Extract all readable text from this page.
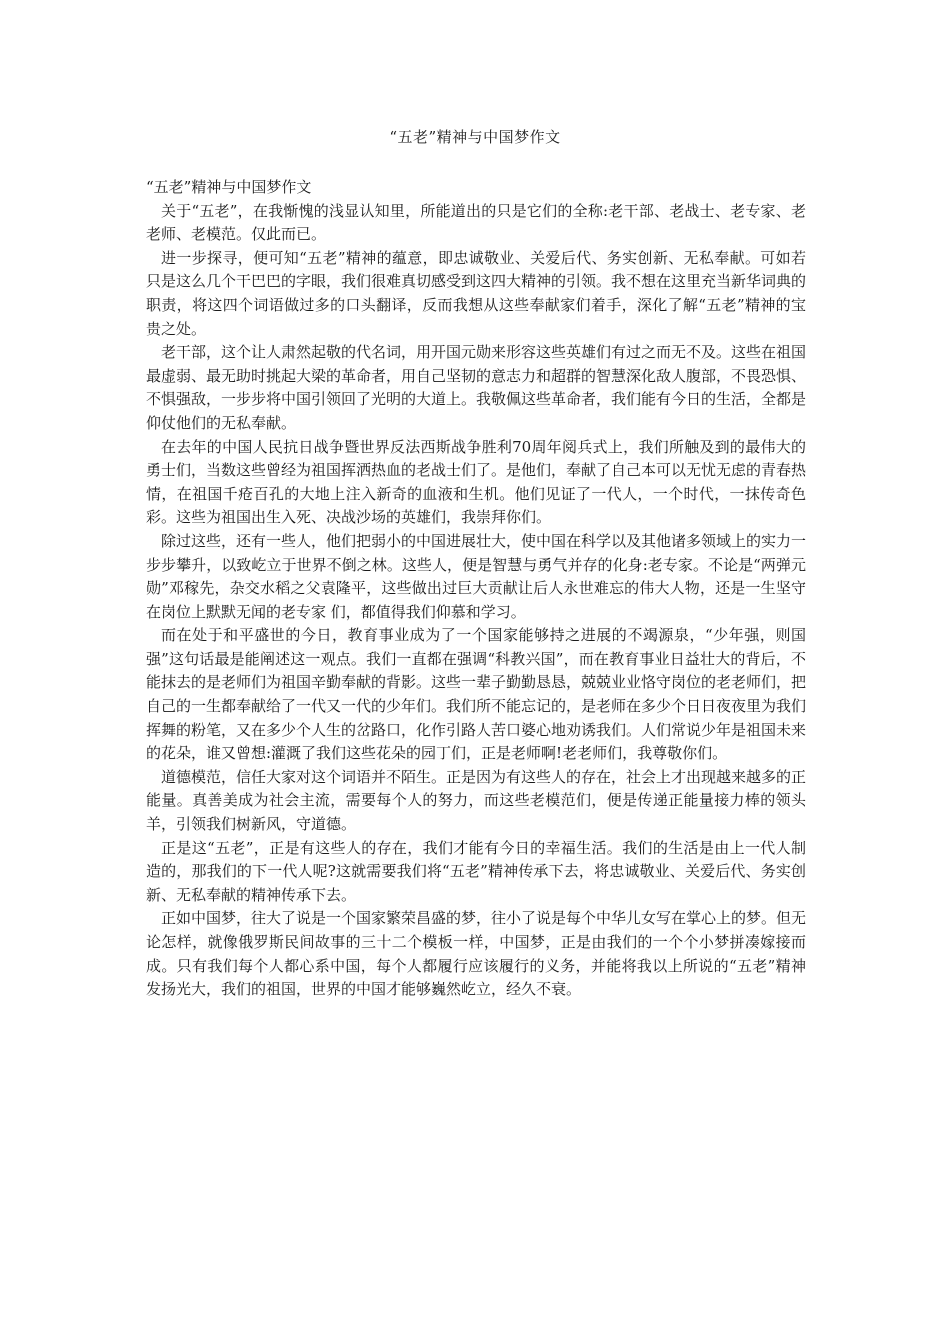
“五老”精神与中国梦作文

“五老”精神与中国梦作文

关于“五老”，在我惭愧的浅显认知里，所能道出的只是它们的全称:老干部、老战士、老专家、老老师、老模范。仅此而已。

进一步探寻，便可知“五老”精神的蕴意，即忠诚敬业、关爱后代、务实创新、无私奉献。可如若只是这么几个干巴巴的字眼，我们很难真切感受到这四大精神的引领。我不想在这里充当新华词典的职责，将这四个词语做过多的口头翻译，反而我想从这些奉献家们着手，深化了解“五老”精神的宝贵之处。

老干部，这个让人肃然起敬的代名词，用开国元勋来形容这些英雄们有过之而无不及。这些在祖国最虚弱、最无助时挑起大梁的革命者，用自己坚韧的意志力和超群的智慧深化敌人腹部，不畏恐惧、不惧强敌，一步步将中国引领回了光明的大道上。我敬佩这些革命者，我们能有今日的生活，全都是仰仗他们的无私奉献。

在去年的中国人民抗日战争暨世界反法西斯战争胜利70周年阅兵式上，我们所触及到的最伟大的勇士们，当数这些曾经为祖国挥洒热血的老战士们了。是他们，奉献了自己本可以无忧无虑的青春热情，在祖国千疮百孔的大地上注入新奇的血液和生机。他们见证了一代人，一个时代，一抹传奇色彩。这些为祖国出生入死、决战沙场的英雄们，我崇拜你们。

除过这些，还有一些人，他们把弱小的中国进展壮大，使中国在科学以及其他诸多领域上的实力一步步攀升，以致屹立于世界不倒之林。这些人，便是智慧与勇气并存的化身:老专家。不论是“两弹元勋”邓稼先，杂交水稻之父袁隆平，这些做出过巨大贡献让后人永世难忘的伟大人物，还是一生坚守在岗位上默默无闻的老专家 们，都值得我们仰慕和学习。

而在处于和平盛世的今日，教育事业成为了一个国家能够持之进展的不竭源泉，“少年强，则国强”这句话最是能阐述这一观点。我们一直都在强调“科教兴国”，而在教育事业日益壮大的背后，不能抹去的是老师们为祖国辛勤奉献的背影。这些一辈子勤勤恳恳，兢兢业业恪守岗位的老老师们，把自己的一生都奉献给了一代又一代的少年们。我们所不能忘记的，是老师在多少个日日夜夜里为我们挥舞的粉笔，又在多少个人生的岔路口，化作引路人苦口婆心地劝诱我们。人们常说少年是祖国未来的花朵，谁又曾想:灌溉了我们这些花朵的园丁们，正是老师啊!老老师们，我尊敬你们。

道德模范，信任大家对这个词语并不陌生。正是因为有这些人的存在，社会上才出现越来越多的正能量。真善美成为社会主流，需要每个人的努力，而这些老模范们，便是传递正能量接力棒的领头羊，引领我们树新风，守道德。

正是这“五老”，正是有这些人的存在，我们才能有今日的幸福生活。我们的生活是由上一代人制造的，那我们的下一代人呢?这就需要我们将“五老”精神传承下去，将忠诚敬业、关爱后代、务实创新、无私奉献的精神传承下去。

正如中国梦，往大了说是一个国家繁荣昌盛的梦，往小了说是每个中华儿女写在掌心上的梦。但无论怎样，就像俄罗斯民间故事的三十二个模板一样，中国梦，正是由我们的一个个小梦拼凑嫁接而成。只有我们每个人都心系中国，每个人都履行应该履行的义务，并能将我以上所说的“五老”精神发扬光大，我们的祖国，世界的中国才能够巍然屹立，经久不衰。
